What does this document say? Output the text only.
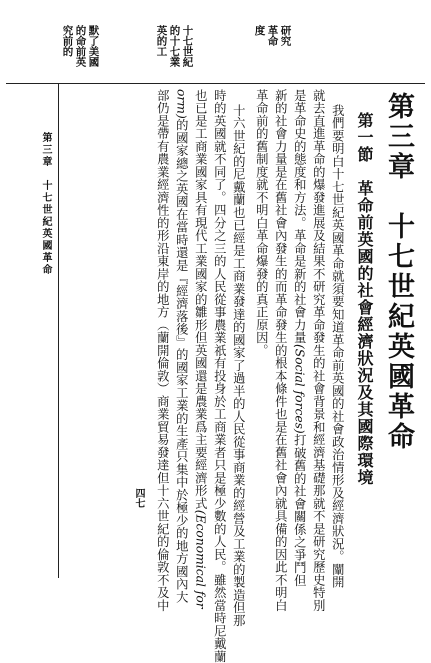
究前的 的命前英 默了美國	英的工 的十七業 十七世紀	度 革命 研究
第三章　十七世紀英國革命
第一節　革命前英國的社會經濟狀況及其國際環境
我們要明白十七世紀英國革命就須要知道革命前英國的社會政治情形及經濟狀況。闡開
就去直進革命的爆發進展及結果不研究革命發生的社會背景和經濟基礎那就不是研究歷史特別
是革命史的態度和方法。革命是新的社會力量(Social forces)打破舊的社會關係之爭鬥但
新的社會力量是在舊社會內發生的而革命發生的根本條件也是在舊社會內就具備的因此不明白
革命前的舊制度就不明白革命爆發的真正原因。
十六世紀的尼戴蘭也已經是工商業發達的國家了過半的人民從事商業的經營及工業的製造但那
時的英國就不同了。四分之三的人民從事農業祇有投身於工商業者只是極少數的人民。雖然當時尼戴蘭
也已是工商業國家具有現代工業國家的雛形但英國還是農業爲主要經濟形式(Economical for
orm)的國家總之英國在當時還是『經濟落後』的國家工業的生產只集中於極少的地方國內大
部仍是帶有農業經濟性的形沿東岸的地方（蘭開倫敦）商業貿易發達但十六世紀的倫敦不及中
第三章　十七世紀英國革命
四七
